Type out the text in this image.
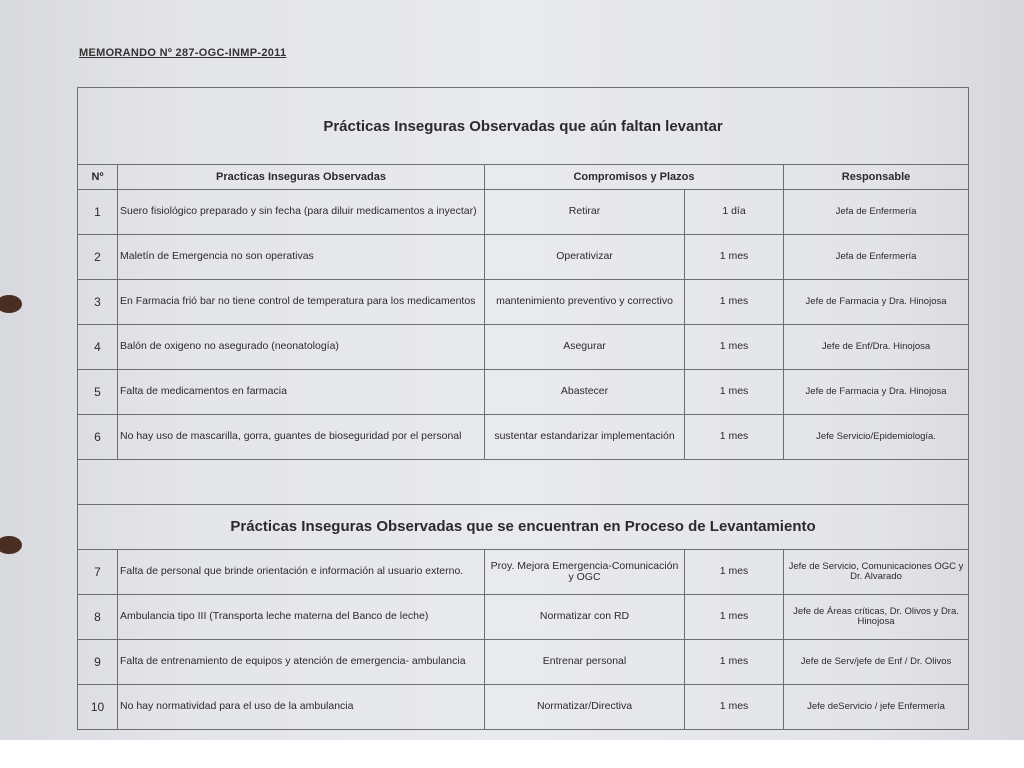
MEMORANDO Nº 287-OGC-INMP-2011
Prácticas Inseguras Observadas que aún faltan levantar				
Nº	Practicas Inseguras Observadas	Compromisos y Plazos		Responsable
1	Suero fisiológico preparado y sin fecha (para diluir medicamentos a inyectar)	Retirar	1 día	Jefa de Enfermería
2	Maletín de Emergencia no son operativas	Operativizar	1 mes	Jefa de Enfermería
3	En Farmacia frió bar no tiene control de temperatura para los medicamentos	mantenimiento preventivo y correctivo	1 mes	Jefe de Farmacia y Dra. Hinojosa
4	Balón de oxigeno no asegurado (neonatología)	Asegurar	1 mes	Jefe de Enf/Dra. Hinojosa
5	Falta de medicamentos en farmacia	Abastecer	1 mes	Jefe de Farmacia y Dra. Hinojosa
6	No hay uso de mascarilla, gorra, guantes de bioseguridad por el personal	sustentar estandarizar implementación	1 mes	Jefe Servicio/Epidemiología.

Prácticas Inseguras Observadas que se encuentran en Proceso de Levantamiento				
7	Falta de personal que brinde orientación e información al usuario externo.	Proy. Mejora Emergencia-Comunicación y OGC	1 mes	Jefe de Servicio, Comunicaciones OGC y Dr. Alvarado
8	Ambulancia tipo III (Transporta leche materna del Banco de leche)	Normatizar con RD	1 mes	Jefe de Áreas críticas, Dr. Olivos y Dra. Hinojosa
9	Falta de entrenamiento de equipos y atención de emergencia- ambulancia	Entrenar personal	1 mes	Jefe de Serv/jefe de Enf / Dr. Olivos
10	No hay normatividad para el uso de la ambulancia	Normatizar/Directiva	1 mes	Jefe deServicio / jefe Enfermería
